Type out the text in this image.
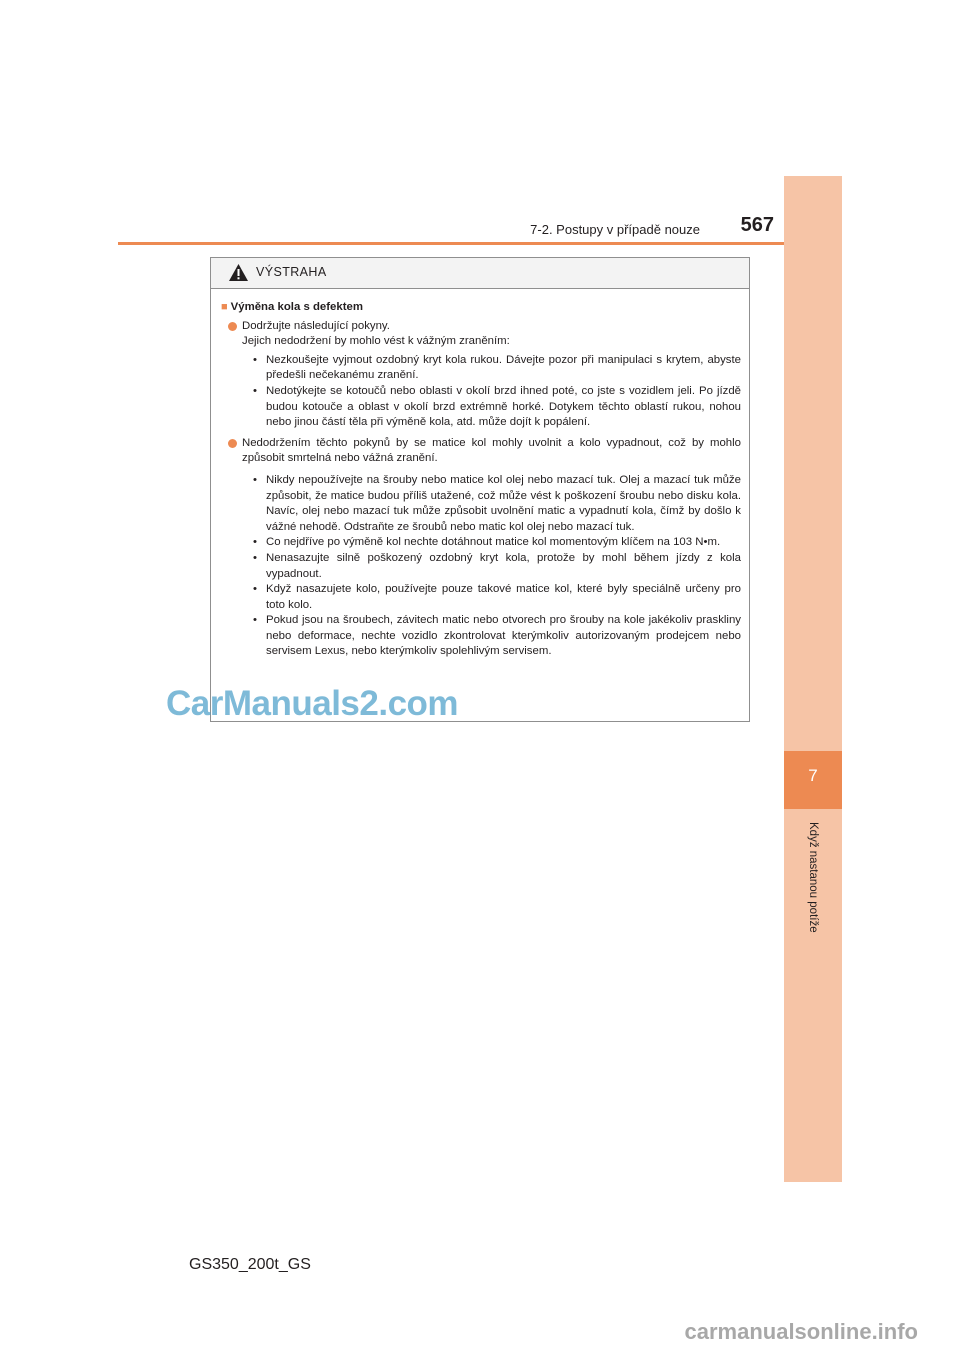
7
Když nastanou potíže
7-2. Postupy v případě nouze 567
VÝSTRAHA
■ Výměna kola s defektem
Dodržujte následující pokyny.
Jejich nedodržení by mohlo vést k vážným zraněním:
• Nezkoušejte vyjmout ozdobný kryt kola rukou. Dávejte pozor při manipulaci s krytem, abyste předešli nečekanému zranění.
• Nedotýkejte se kotoučů nebo oblasti v okolí brzd ihned poté, co jste s vozidlem jeli. Po jízdě budou kotouče a oblast v okolí brzd extrémně horké. Dotykem těchto oblastí rukou, nohou nebo jinou částí těla při výměně kola, atd. může dojít k popálení.
Nedodržením těchto pokynů by se matice kol mohly uvolnit a kolo vypadnout, což by mohlo způsobit smrtelná nebo vážná zranění.
• Nikdy nepoužívejte na šrouby nebo matice kol olej nebo mazací tuk. Olej a mazací tuk může způsobit, že matice budou příliš utažené, což může vést k poškození šroubu nebo disku kola. Navíc, olej nebo mazací tuk může způsobit uvolnění matic a vypadnutí kola, čímž by došlo k vážné nehodě. Odstraňte ze šroubů nebo matic kol olej nebo mazací tuk.
• Co nejdříve po výměně kol nechte dotáhnout matice kol momentovým klíčem na 103 N•m.
• Nenasazujte silně poškozený ozdobný kryt kola, protože by mohl během jízdy z kola vypadnout.
• Když nasazujete kolo, používejte pouze takové matice kol, které byly speciálně určeny pro toto kolo.
• Pokud jsou na šroubech, závitech matic nebo otvorech pro šrouby na kole jakékoliv praskliny nebo deformace, nechte vozidlo zkontrolovat kterýmkoliv autorizovaným prodejcem nebo servisem Lexus, nebo kterýmkoliv spolehlivým servisem.
CarManuals2.com
GS350_200t_GS
carmanualsonline.info
